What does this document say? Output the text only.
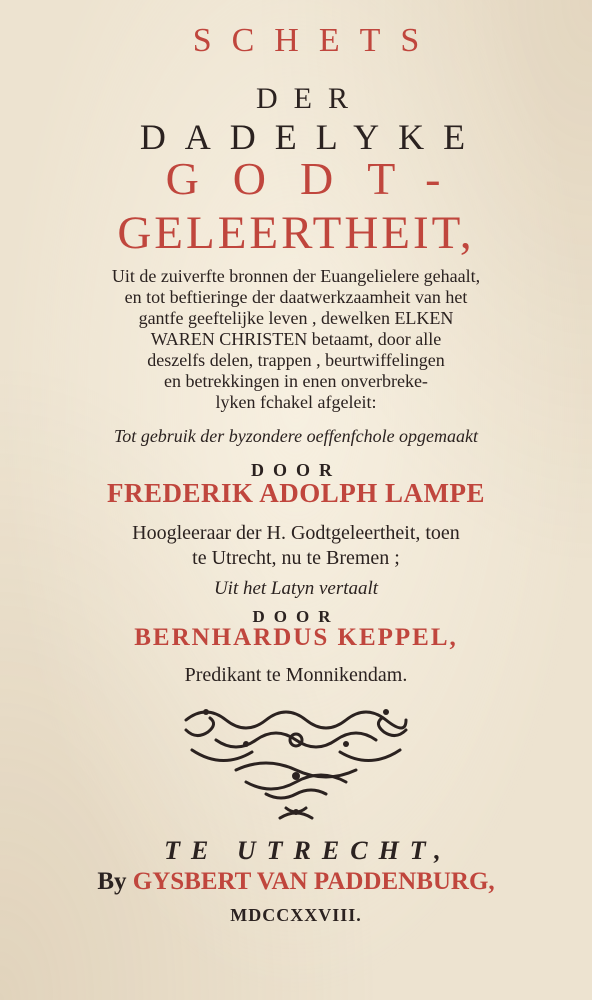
SCHETS
DER
DADELYKE
GODT-
GELEERTHEIT,
Uit de zuiverfte bronnen der Euangelielere gehaalt,
en tot beftieringe der daatwerkzaamheit van het
gantfe geeftelijke leven , dewelken ELKEN
WAREN CHRISTEN betaamt, door alle
deszelfs delen, trappen , beurtwiffelingen
en betrekkingen in enen onverbreke-
lyken fchakel afgeleit:
Tot gebruik der byzondere oeffenfchole opgemaakt
DOOR
FREDERIK ADOLPH LAMPE
Hoogleeraar der H. Godtgeleertheit, toen
te Utrecht, nu te Bremen ;
Uit het Latyn vertaalt
DOOR
BERNHARDUS KEPPEL,
Predikant te Monnikendam.
TE UTRECHT,
By GYSBERT VAN PADDENBURG,
MDCCXXVIII.
